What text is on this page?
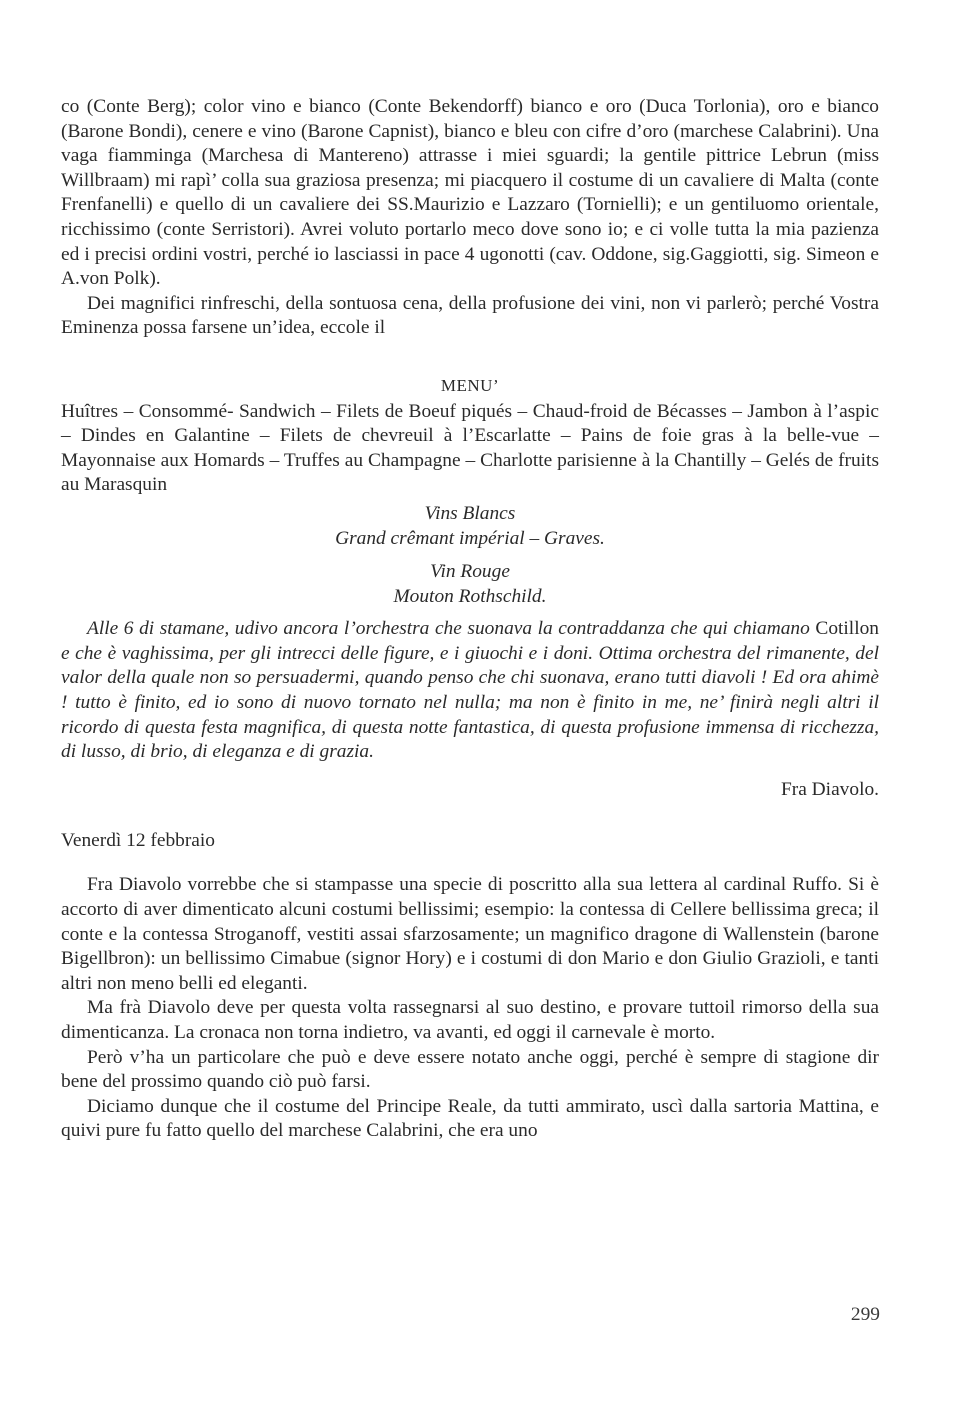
co (Conte Berg); color vino e bianco (Conte Bekendorff) bianco e oro (Duca Torlonia), oro e bianco (Barone Bondi), cenere e vino (Barone Capnist), bianco e bleu con cifre d’oro (marchese Calabrini). Una vaga fiamminga (Marchesa di Mantereno) attrasse i miei sguardi; la gentile pittrice Lebrun (miss Willbraam) mi rapì’ colla sua graziosa presenza; mi piacquero il costume di un cavaliere di Malta (conte Frenfanelli) e quello di un cavaliere dei SS.Maurizio e Lazzaro (Tornielli); e un gentiluomo orientale, ricchissimo (conte Serristori). Avrei voluto portarlo meco dove sono io; e ci volle tutta la mia pazienza ed i precisi ordini vostri, perché io lasciassi in pace 4 ugonotti (cav. Oddone, sig.Gaggiotti, sig. Simeon e A.von Polk).

Dei magnifici rinfreschi, della sontuosa cena, della profusione dei vini, non vi parlerò; perché Vostra Eminenza possa farsene un’idea, eccole il

MENU’

Huîtres – Consommé- Sandwich – Filets de Boeuf piqués – Chaud-froid de Bécasses – Jambon à l’aspic – Dindes en Galantine – Filets de chevreuil à l’Escarlatte – Pains de foie gras à la belle-vue – Mayonnaise aux Homards – Truffes au Champagne – Charlotte parisienne à la Chantilly – Gelés de fruits au Marasquin

Vins Blancs

Grand crêmant impérial – Graves.

Vin Rouge

Mouton Rothschild.

Alle 6 di stamane, udivo ancora l’orchestra che suonava la contraddanza che qui chiamano Cotillon e che è vaghissima, per gli intrecci delle figure, e i giuochi e i doni. Ottima orchestra del rimanente, del valor della quale non so persuadermi, quando penso che chi suonava, erano tutti diavoli ! Ed ora ahimè ! tutto è finito, ed io sono di nuovo tornato nel nulla; ma non è finito in me, ne’ finirà negli altri il ricordo di questa festa magnifica, di questa notte fantastica, di questa profusione immensa di ricchezza, di lusso, di brio, di eleganza e di grazia.

Fra Diavolo.

Venerdì 12 febbraio

Fra Diavolo vorrebbe che si stampasse una specie di poscritto alla sua lettera al cardinal Ruffo. Si è accorto di aver dimenticato alcuni costumi bellissimi; esempio: la contessa di Cellere bellissima greca; il conte e la contessa Stroganoff, vestiti assai sfarzosamente; un magnifico dragone di Wallenstein (barone Bigellbron): un bellissimo Cimabue (signor Hory) e i costumi di don Mario e don Giulio Grazioli, e tanti altri non meno belli ed eleganti.

Ma frà Diavolo deve per questa volta rassegnarsi al suo destino, e provare tuttoil rimorso della sua dimenticanza. La cronaca non torna indietro, va avanti, ed oggi il carnevale è morto.

Però v’ha un particolare che può e deve essere notato anche oggi, perché è sempre di stagione dir bene del prossimo quando ciò può farsi.

Diciamo dunque che il costume del Principe Reale, da tutti ammirato, uscì dalla sartoria Mattina, e quivi pure fu fatto quello del marchese Calabrini, che era uno

299
